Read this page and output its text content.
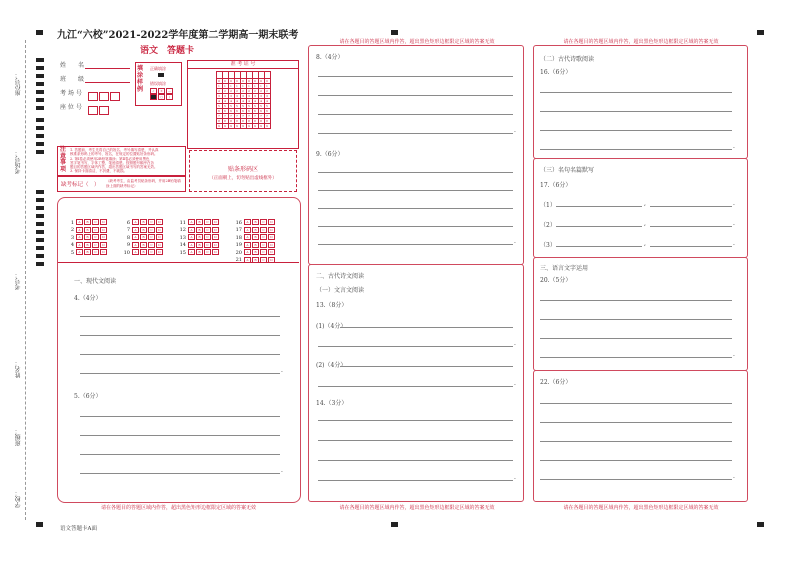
座位号：
考场号：
考号：
姓名：
班级：
学校：
九江“六校”2021-2022学年度第二学期高一期末联考
语文　答题卡
姓　　名
班　　级
考 场 号
座 位 号
填涂样例
正确填涂
错误填涂
✓ ✕ —
○ /
准 考 证 号

0	0	0	0	0	0	0	0	0
1	1	1	1	1	1	1	1	1
2	2	2	2	2	2	2	2	2
3	3	3	3	3	3	3	3	3
4	4	4	4	4	4	4	4	4
5	5	5	5	5	5	5	5	5
6	6	6	6	6	6	6	6	6
7	7	7	7	7	7	7	7	7
8	8	8	8	8	8	8	8	8
9	9	9	9	9	9	9	9	9
注意事项
1. 答题前，考生先将自己的姓名、考号填写清楚，并认真
核准条形码上的考号、姓名，在规定的位置贴好条形码。
2. 第Ⅰ卷必须使用2B铅笔填涂；第Ⅱ卷必须使用黑色
签字笔书写，字体工整，笔迹清楚。按照题号顺序在各
题目的答题区域内作答，超出答题区域书写的答案无效。
3. 保持卡面清洁，不折叠，不破损。
缺考标记（　）
（缺考考生，由监考员贴条形码，并用2B铅笔填涂上面的缺考标记）
贴条形码区
（正面朝上，切勿贴出虚线框外）
1 A B C D
2 A B C D
3 A B C D
4 A B C D
5 A B C D
6 A B C D
7 A B C D
8 A B C D
9 A B C D
10 A B C D
11 A B C D
12 A B C D
13 A B C D
14 A B C D
15 A B C D
16 A B C D
17 A B C D
18 A B C D
19 A B C D
20 A B C D
21 A B C D
一、现代文阅读
4.（4分）
5.（6分）
请在各题目的答题区域内作答，超出黑色矩形边框限定区域的答案无效
请在各题目的答题区域内作答，超出黑色矩形边框限定区域的答案无效
8.（4分）
9.（6分）
二、古代诗文阅读
（一）文言文阅读
13.（8分）
(1)（4分）
(2)（4分）
14.（3分）
请在各题目的答题区域内作答，超出黑色矩形边框限定区域的答案无效
请在各题目的答题区域内作答，超出黑色矩形边框限定区域的答案无效
（二）古代诗歌阅读
16.（6分）
（三）名句名篇默写
17.（6分）
（1）
（2）
（3）
三、语言文字运用
20.（5分）
22.（6分）
请在各题目的答题区域内作答，超出黑色矩形边框限定区域的答案无效
语文答题卡A面
.
.
.
.
.
.
.
.
,	.
,	.
,	.
.
.
